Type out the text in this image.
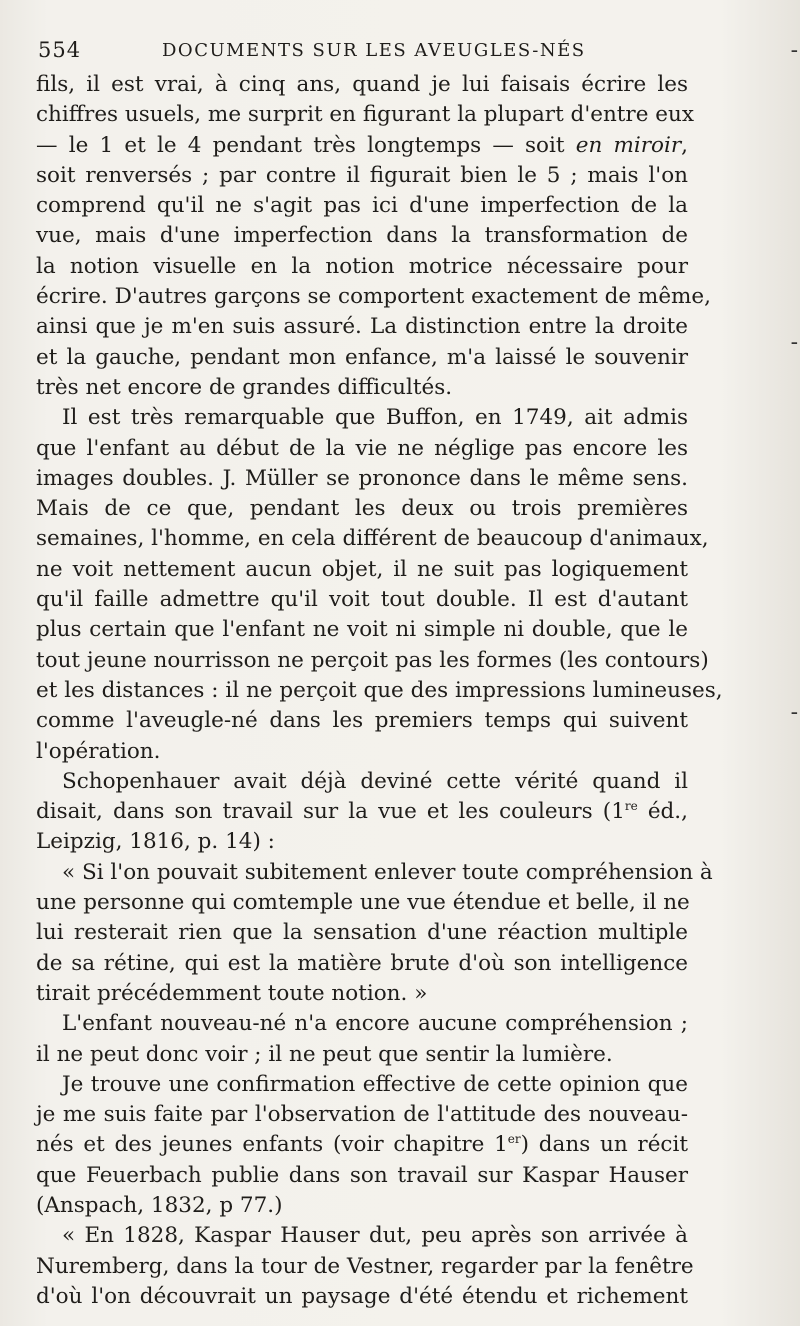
554	DOCUMENTS SUR LES AVEUGLES-NÉS
fils, il est vrai, à cinq ans, quand je lui faisais écrire les
chiffres usuels, me surprit en figurant la plupart d'entre eux
— le 1 et le 4 pendant très longtemps — soit en miroir,
soit renversés ; par contre il figurait bien le 5 ; mais l'on
comprend qu'il ne s'agit pas ici d'une imperfection de la
vue, mais d'une imperfection dans la transformation de
la notion visuelle en la notion motrice nécessaire pour
écrire. D'autres garçons se comportent exactement de même,
ainsi que je m'en suis assuré. La distinction entre la droite
et la gauche, pendant mon enfance, m'a laissé le souvenir
très net encore de grandes difficultés.
Il est très remarquable que Buffon, en 1749, ait admis
que l'enfant au début de la vie ne néglige pas encore les
images doubles. J. Müller se prononce dans le même sens.
Mais de ce que, pendant les deux ou trois premières
semaines, l'homme, en cela différent de beaucoup d'animaux,
ne voit nettement aucun objet, il ne suit pas logiquement
qu'il faille admettre qu'il voit tout double. Il est d'autant
plus certain que l'enfant ne voit ni simple ni double, que le
tout jeune nourrisson ne perçoit pas les formes (les contours)
et les distances : il ne perçoit que des impressions lumineuses,
comme l'aveugle-né dans les premiers temps qui suivent
l'opération.
Schopenhauer avait déjà deviné cette vérité quand il
disait, dans son travail sur la vue et les couleurs (1re éd.,
Leipzig, 1816, p. 14) :
« Si l'on pouvait subitement enlever toute compréhension à
une personne qui comtemple une vue étendue et belle, il ne
lui resterait rien que la sensation d'une réaction multiple
de sa rétine, qui est la matière brute d'où son intelligence
tirait précédemment toute notion. »
L'enfant nouveau-né n'a encore aucune compréhension ;
il ne peut donc voir ; il ne peut que sentir la lumière.
Je trouve une confirmation effective de cette opinion que
je me suis faite par l'observation de l'attitude des nouveau-
nés et des jeunes enfants (voir chapitre 1er) dans un récit
que Feuerbach publie dans son travail sur Kaspar Hauser
(Anspach, 1832, p 77.)
« En 1828, Kaspar Hauser dut, peu après son arrivée à
Nuremberg, dans la tour de Vestner, regarder par la fenêtre
d'où l'on découvrait un paysage d'été étendu et richement
-
-
-
